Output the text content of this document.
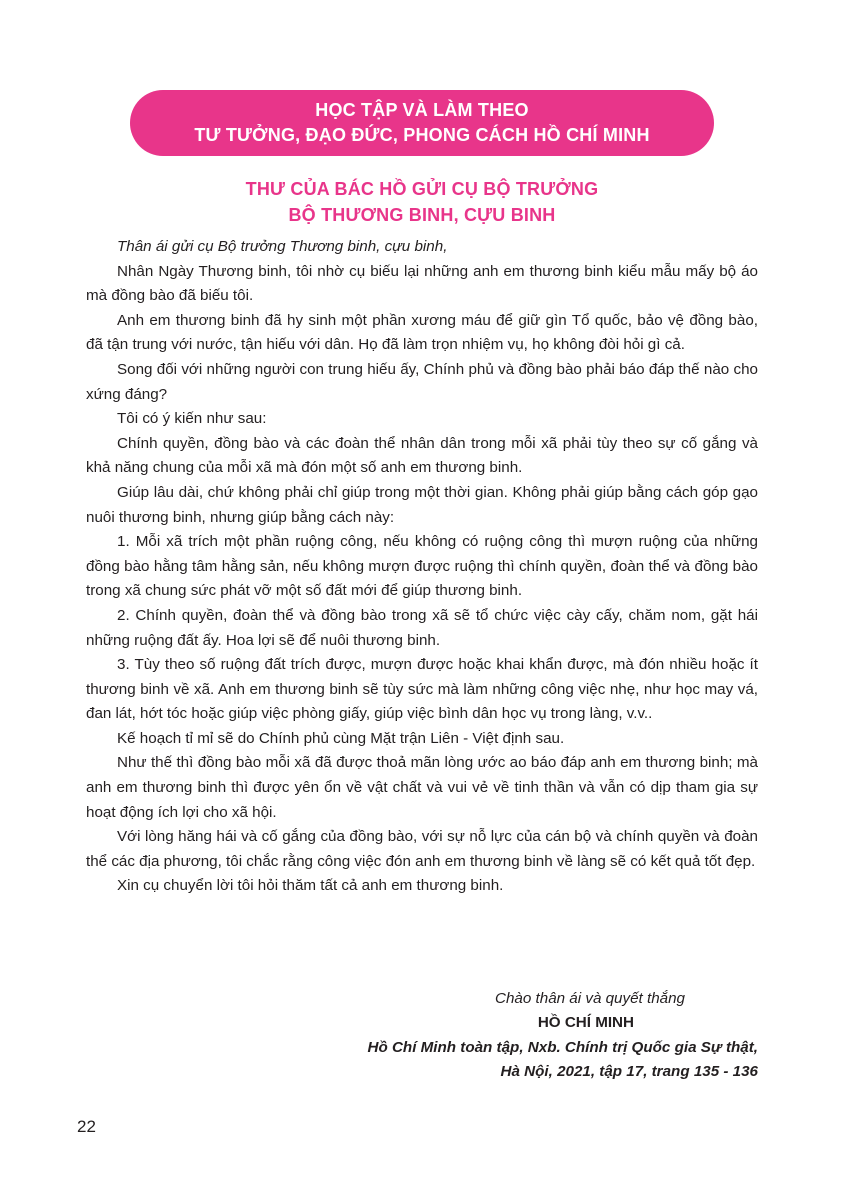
HỌC TẬP VÀ LÀM THEO
TƯ TƯỞNG, ĐẠO ĐỨC, PHONG CÁCH HỒ CHÍ MINH
THƯ CỦA BÁC HỒ GỬI CỤ BỘ TRƯỞNG
BỘ THƯƠNG BINH, CỰU BINH

Thân ái gửi cụ Bộ trưởng Thương binh, cựu binh,

Nhân Ngày Thương binh, tôi nhờ cụ biếu lại những anh em thương binh kiểu mẫu mấy bộ áo mà đồng bào đã biếu tôi.

Anh em thương binh đã hy sinh một phần xương máu để giữ gìn Tổ quốc, bảo vệ đồng bào, đã tận trung với nước, tận hiếu với dân. Họ đã làm trọn nhiệm vụ, họ không đòi hỏi gì cả.

Song đối với những người con trung hiếu ấy, Chính phủ và đồng bào phải báo đáp thế nào cho xứng đáng?

Tôi có ý kiến như sau:

Chính quyền, đồng bào và các đoàn thể nhân dân trong mỗi xã phải tùy theo sự cố gắng và khả năng chung của mỗi xã mà đón một số anh em thương binh.

Giúp lâu dài, chứ không phải chỉ giúp trong một thời gian. Không phải giúp bằng cách góp gạo nuôi thương binh, nhưng giúp bằng cách này:

1. Mỗi xã trích một phần ruộng công, nếu không có ruộng công thì mượn ruộng của những đồng bào hằng tâm hằng sản, nếu không mượn được ruộng thì chính quyền, đoàn thể và đồng bào trong xã chung sức phát vỡ một số đất mới để giúp thương binh.

2. Chính quyền, đoàn thể và đồng bào trong xã sẽ tổ chức việc cày cấy, chăm nom, gặt hái những ruộng đất ấy. Hoa lợi sẽ để nuôi thương binh.

3. Tùy theo số ruộng đất trích được, mượn được hoặc khai khẩn được, mà đón nhiều hoặc ít thương binh về xã. Anh em thương binh sẽ tùy sức mà làm những công việc nhẹ, như học may vá, đan lát, hớt tóc hoặc giúp việc phòng giấy, giúp việc bình dân học vụ trong làng, v.v..

Kế hoạch tỉ mỉ sẽ do Chính phủ cùng Mặt trận Liên - Việt định sau.

Như thế thì đồng bào mỗi xã đã được thoả mãn lòng ước ao báo đáp anh em thương binh; mà anh em thương binh thì được yên ổn về vật chất và vui vẻ về tinh thần và vẫn có dịp tham gia sự hoạt động ích lợi cho xã hội.

Với lòng hăng hái và cố gắng của đồng bào, với sự nỗ lực của cán bộ và chính quyền và đoàn thể các địa phương, tôi chắc rằng công việc đón anh em thương binh về làng sẽ có kết quả tốt đẹp.

Xin cụ chuyển lời tôi hỏi thăm tất cả anh em thương binh.

Chào thân ái và quyết thắng
HỒ CHÍ MINH
Hồ Chí Minh toàn tập, Nxb. Chính trị Quốc gia Sự thật,
Hà Nội, 2021, tập 17, trang 135 - 136
22
